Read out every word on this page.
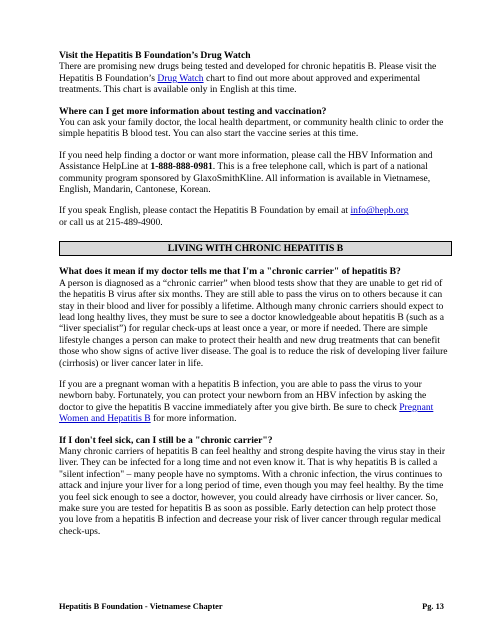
Visit the Hepatitis B Foundation’s Drug Watch

There are promising new drugs being tested and developed for chronic hepatitis B. Please visit the Hepatitis B Foundation’s Drug Watch chart to find out more about approved and experimental treatments. This chart is available only in English at this time.

Where can I get more information about testing and vaccination?

You can ask your family doctor, the local health department, or community health clinic to order the simple hepatitis B blood test. You can also start the vaccine series at this time.

If you need help finding a doctor or want more information, please call the HBV Information and Assistance HelpLine at 1-888-888-0981. This is a free telephone call, which is part of a national community program sponsored by GlaxoSmithKline. All information is available in Vietnamese, English, Mandarin, Cantonese, Korean.

If you speak English, please contact the Hepatitis B Foundation by email at info@hepb.org
or call us at 215-489-4900.

LIVING WITH CHRONIC HEPATITIS B

What does it mean if my doctor tells me that I'm a "chronic carrier" of hepatitis B?

A person is diagnosed as a “chronic carrier” when blood tests show that they are unable to get rid of the hepatitis B virus after six months. They are still able to pass the virus on to others because it can stay in their blood and liver for possibly a lifetime. Although many chronic carriers should expect to lead long healthy lives, they must be sure to see a doctor knowledgeable about hepatitis B (such as a “liver specialist”) for regular check-ups at least once a year, or more if needed. There are simple lifestyle changes a person can make to protect their health and new drug treatments that can benefit those who show signs of active liver disease. The goal is to reduce the risk of developing liver failure (cirrhosis) or liver cancer later in life.

If you are a pregnant woman with a hepatitis B infection, you are able to pass the virus to your newborn baby. Fortunately, you can protect your newborn from an HBV infection by asking the doctor to give the hepatitis B vaccine immediately after you give birth. Be sure to check Pregnant Women and Hepatitis B for more information.

If I don't feel sick, can I still be a "chronic carrier"?

Many chronic carriers of hepatitis B can feel healthy and strong despite having the virus stay in their liver. They can be infected for a long time and not even know it. That is why hepatitis B is called a "silent infection" – many people have no symptoms. With a chronic infection, the virus continues to attack and injure your liver for a long period of time, even though you may feel healthy. By the time you feel sick enough to see a doctor, however, you could already have cirrhosis or liver cancer. So, make sure you are tested for hepatitis B as soon as possible. Early detection can help protect those you love from a hepatitis B infection and decrease your risk of liver cancer through regular medical check-ups.

Hepatitis B Foundation - Vietnamese Chapter	Pg. 13
